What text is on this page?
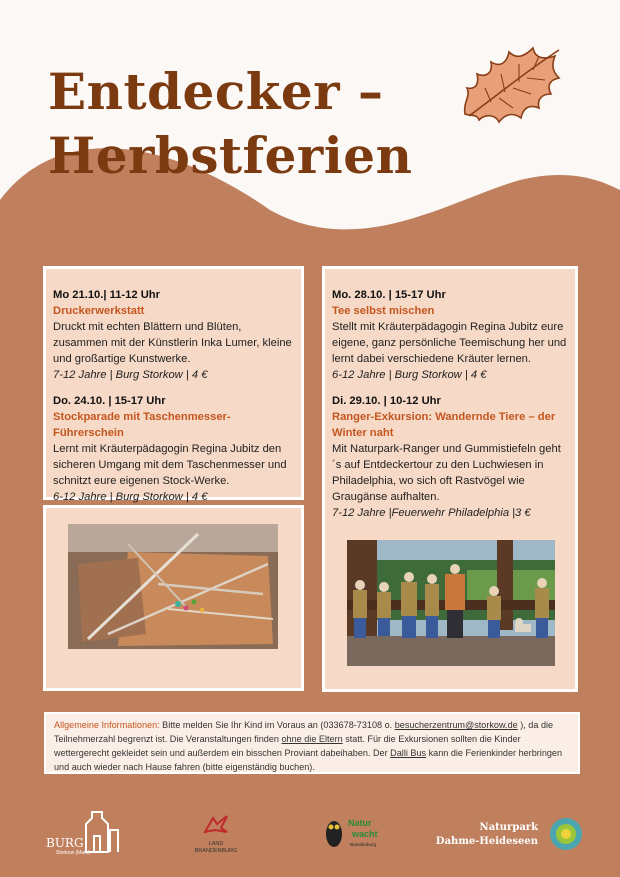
Entdecker –
Herbstferien
Mo 21.10.| 11-12 Uhr
Druckerwerkstatt
Druckt mit echten Blättern und Blüten, zusammen mit der Künstlerin Inka Lumer, kleine und großartige Kunstwerke.
7-12 Jahre | Burg Storkow | 4 €
Do. 24.10. | 15-17 Uhr
Stockparade mit Taschenmesser-Führerschein
Lernt mit Kräuterpädagogin Regina Jubitz den sicheren Umgang mit dem Taschenmesser und schnitzt eure eigenen Stock-Werke.
6-12 Jahre | Burg Storkow | 4 €
Mo. 28.10. | 15-17 Uhr
Tee selbst mischen
Stellt mit Kräuterpädagogin Regina Jubitz eure eigene, ganz persönliche Teemischung her und lernt dabei verschiedene Kräuter lernen.
6-12 Jahre | Burg Storkow | 4 €
Di. 29.10. | 10-12 Uhr
Ranger-Exkursion: Wandernde Tiere – der Winter naht
Mit Naturpark-Ranger und Gummistiefeln geht´s auf Entdeckertour zu den Luchwiesen in Philadelphia, wo sich oft Rastvögel wie Graugänse aufhalten.
7-12 Jahre |Feuerwehr Philadelphia |3 €
Allgemeine Informationen: Bitte melden Sie Ihr Kind im Voraus an (033678-73108 o. besucherzentrum@storkow.de ), da die Teilnehmerzahl begrenzt ist. Die Veranstaltungen finden ohne die Eltern statt. Für die Exkursionen sollten die Kinder wettergerecht gekleidet sein und außerdem ein bisschen Proviant dabeihaben. Der Dalli Bus kann die Ferienkinder herbringen und auch wieder nach Hause fahren (bitte eigenständig buchen).
BURG
Storkow (Mark)
LAND
BRANDENBURG
Natur
wacht
Brandenburg
Naturpark
Dahme-Heideseen
